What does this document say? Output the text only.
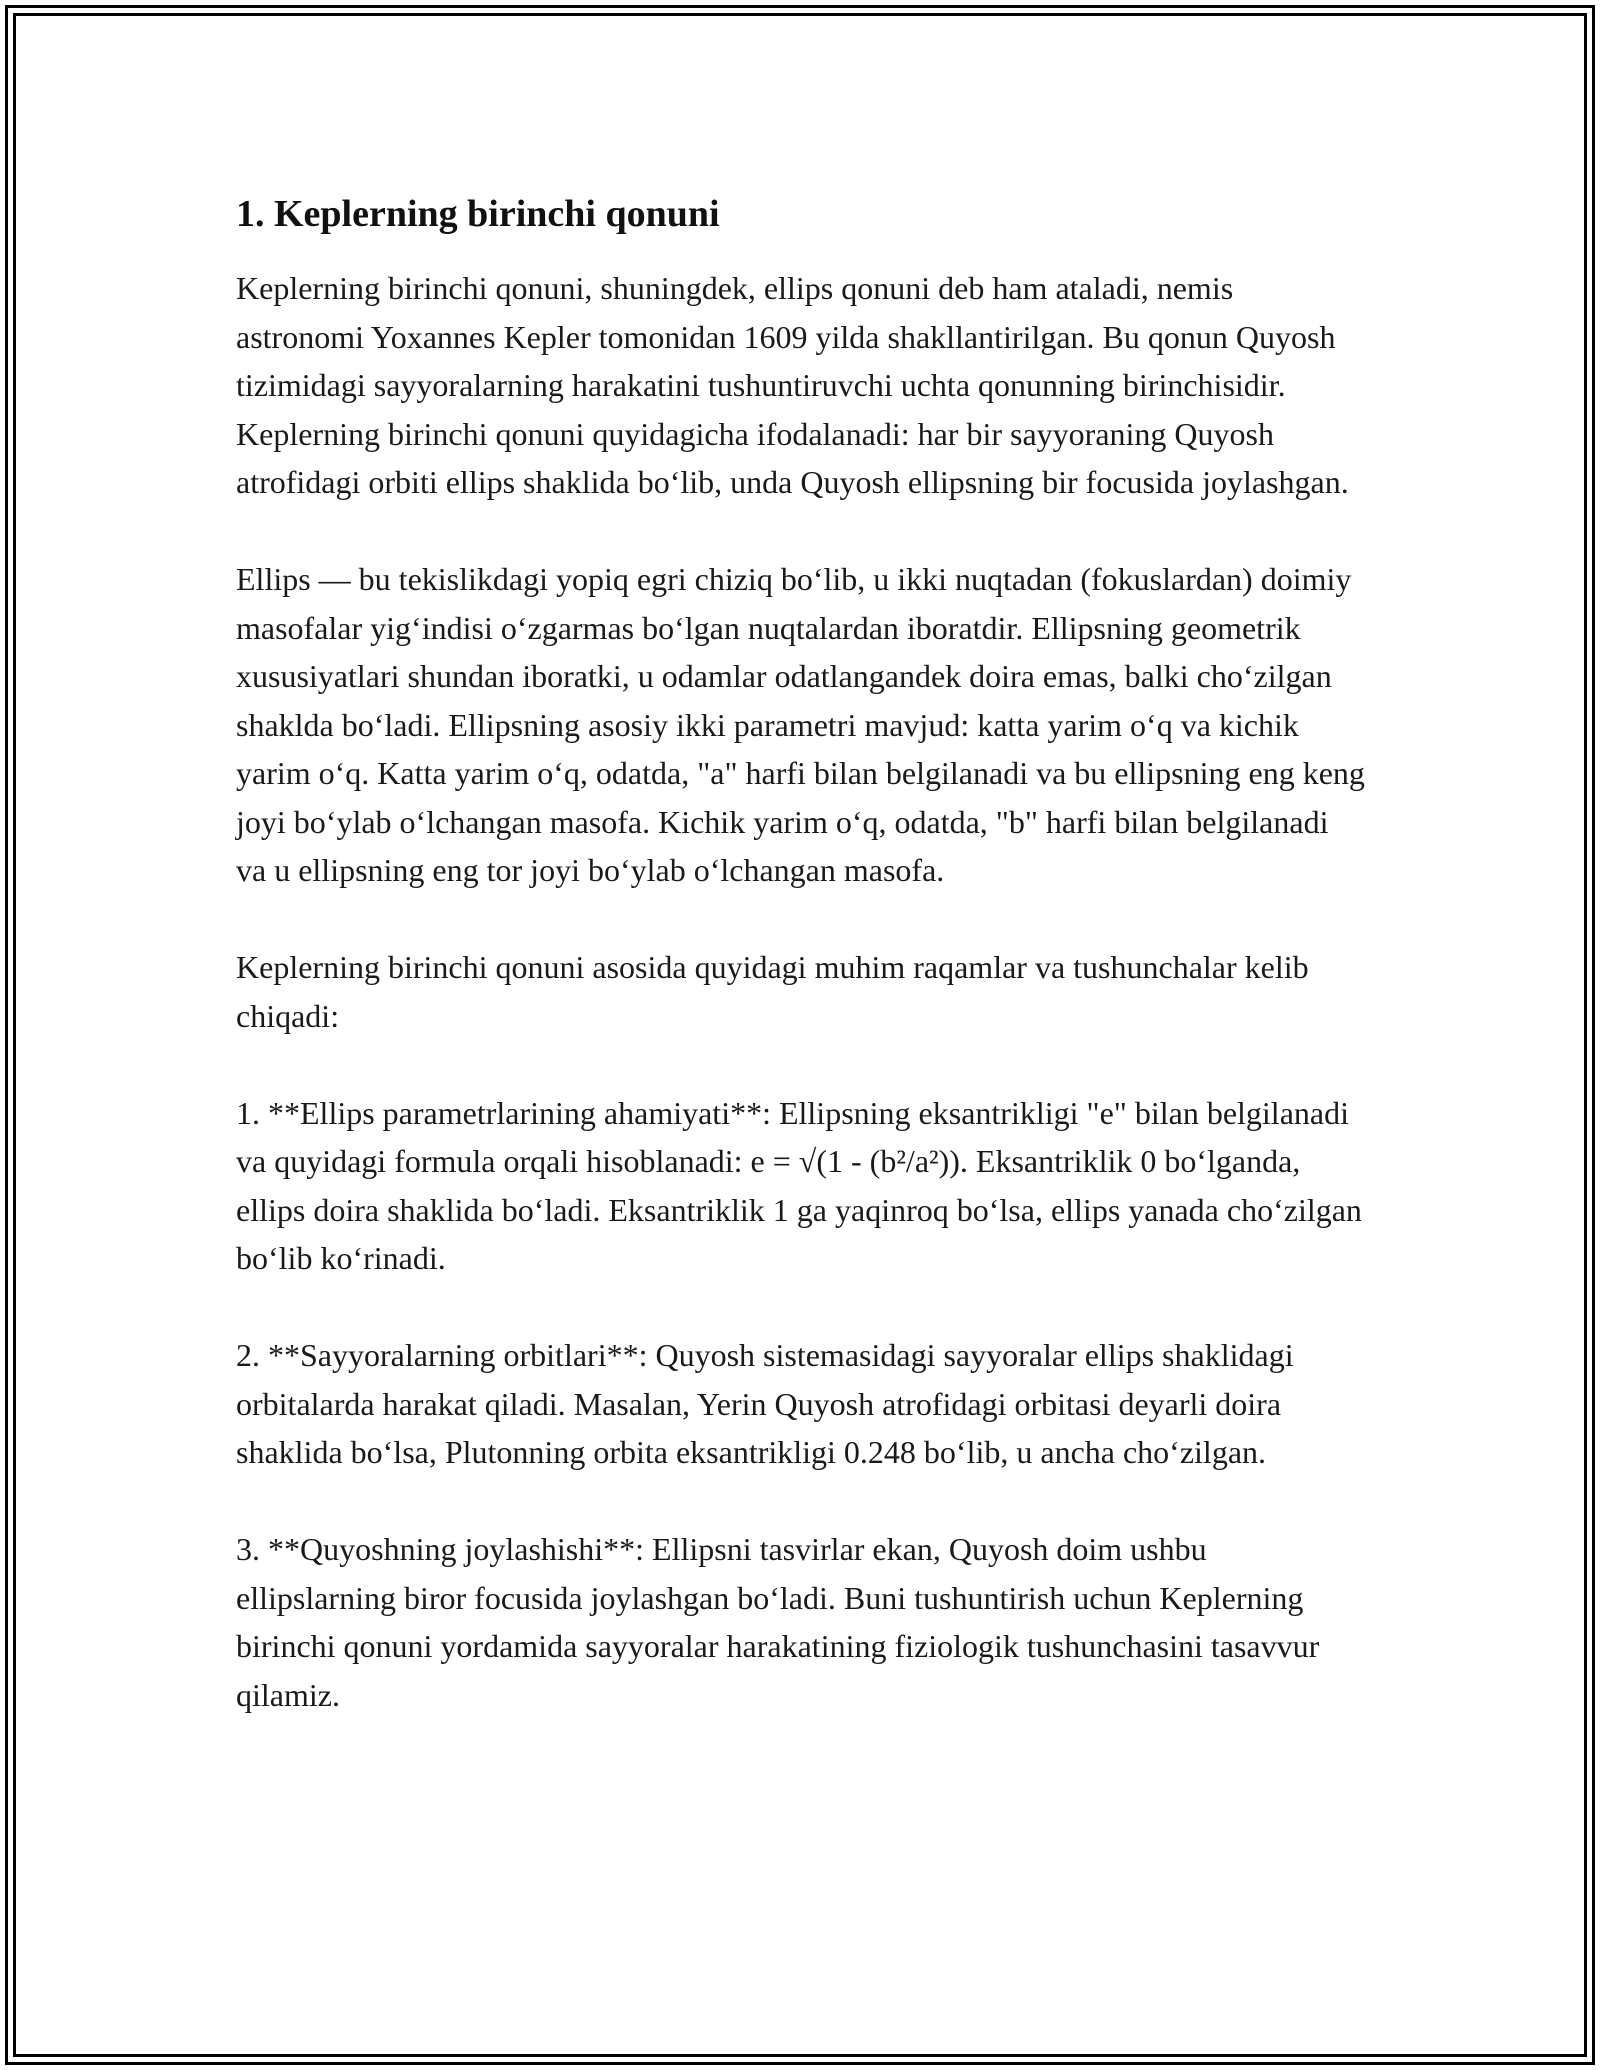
1. Keplerning birinchi qonuni

Keplerning birinchi qonuni, shuningdek, ellips qonuni deb ham ataladi, nemis astronomi Yoxannes Kepler tomonidan 1609 yilda shakllantirilgan. Bu qonun Quyosh tizimidagi sayyoralarning harakatini tushuntiruvchi uchta qonunning birinchisidir. Keplerning birinchi qonuni quyidagicha ifodalanadi: har bir sayyoraning Quyosh atrofidagi orbiti ellips shaklida bo‘lib, unda Quyosh ellipsning bir focusida joylashgan.

Ellips — bu tekislikdagi yopiq egri chiziq bo‘lib, u ikki nuqtadan (fokuslardan) doimiy masofalar yig‘indisi o‘zgarmas bo‘lgan nuqtalardan iboratdir. Ellipsning geometrik xususiyatlari shundan iboratki, u odamlar odatlangandek doira emas, balki cho‘zilgan shaklda bo‘ladi. Ellipsning asosiy ikki parametri mavjud: katta yarim o‘q va kichik yarim o‘q. Katta yarim o‘q, odatda, "a" harfi bilan belgilanadi va bu ellipsning eng keng joyi bo‘ylab o‘lchangan masofa. Kichik yarim o‘q, odatda, "b" harfi bilan belgilanadi va u ellipsning eng tor joyi bo‘ylab o‘lchangan masofa.

Keplerning birinchi qonuni asosida quyidagi muhim raqamlar va tushunchalar kelib chiqadi:

1. **Ellips parametrlarining ahamiyati**: Ellipsning eksantrikligi "e" bilan belgilanadi va quyidagi formula orqali hisoblanadi: e = √(1 - (b²/a²)). Eksantriklik 0 bo‘lganda, ellips doira shaklida bo‘ladi. Eksantriklik 1 ga yaqinroq bo‘lsa, ellips yanada cho‘zilgan bo‘lib ko‘rinadi.

2. **Sayyoralarning orbitlari**: Quyosh sistemasidagi sayyoralar ellips shaklidagi orbitalarda harakat qiladi. Masalan, Yerin Quyosh atrofidagi orbitasi deyarli doira shaklida bo‘lsa, Plutonning orbita eksantrikligi 0.248 bo‘lib, u ancha cho‘zilgan.

3. **Quyoshning joylashishi**: Ellipsni tasvirlar ekan, Quyosh doim ushbu ellipslarning biror focusida joylashgan bo‘ladi. Buni tushuntirish uchun Keplerning birinchi qonuni yordamida sayyoralar harakatining fiziologik tushunchasini tasavvur qilamiz.
